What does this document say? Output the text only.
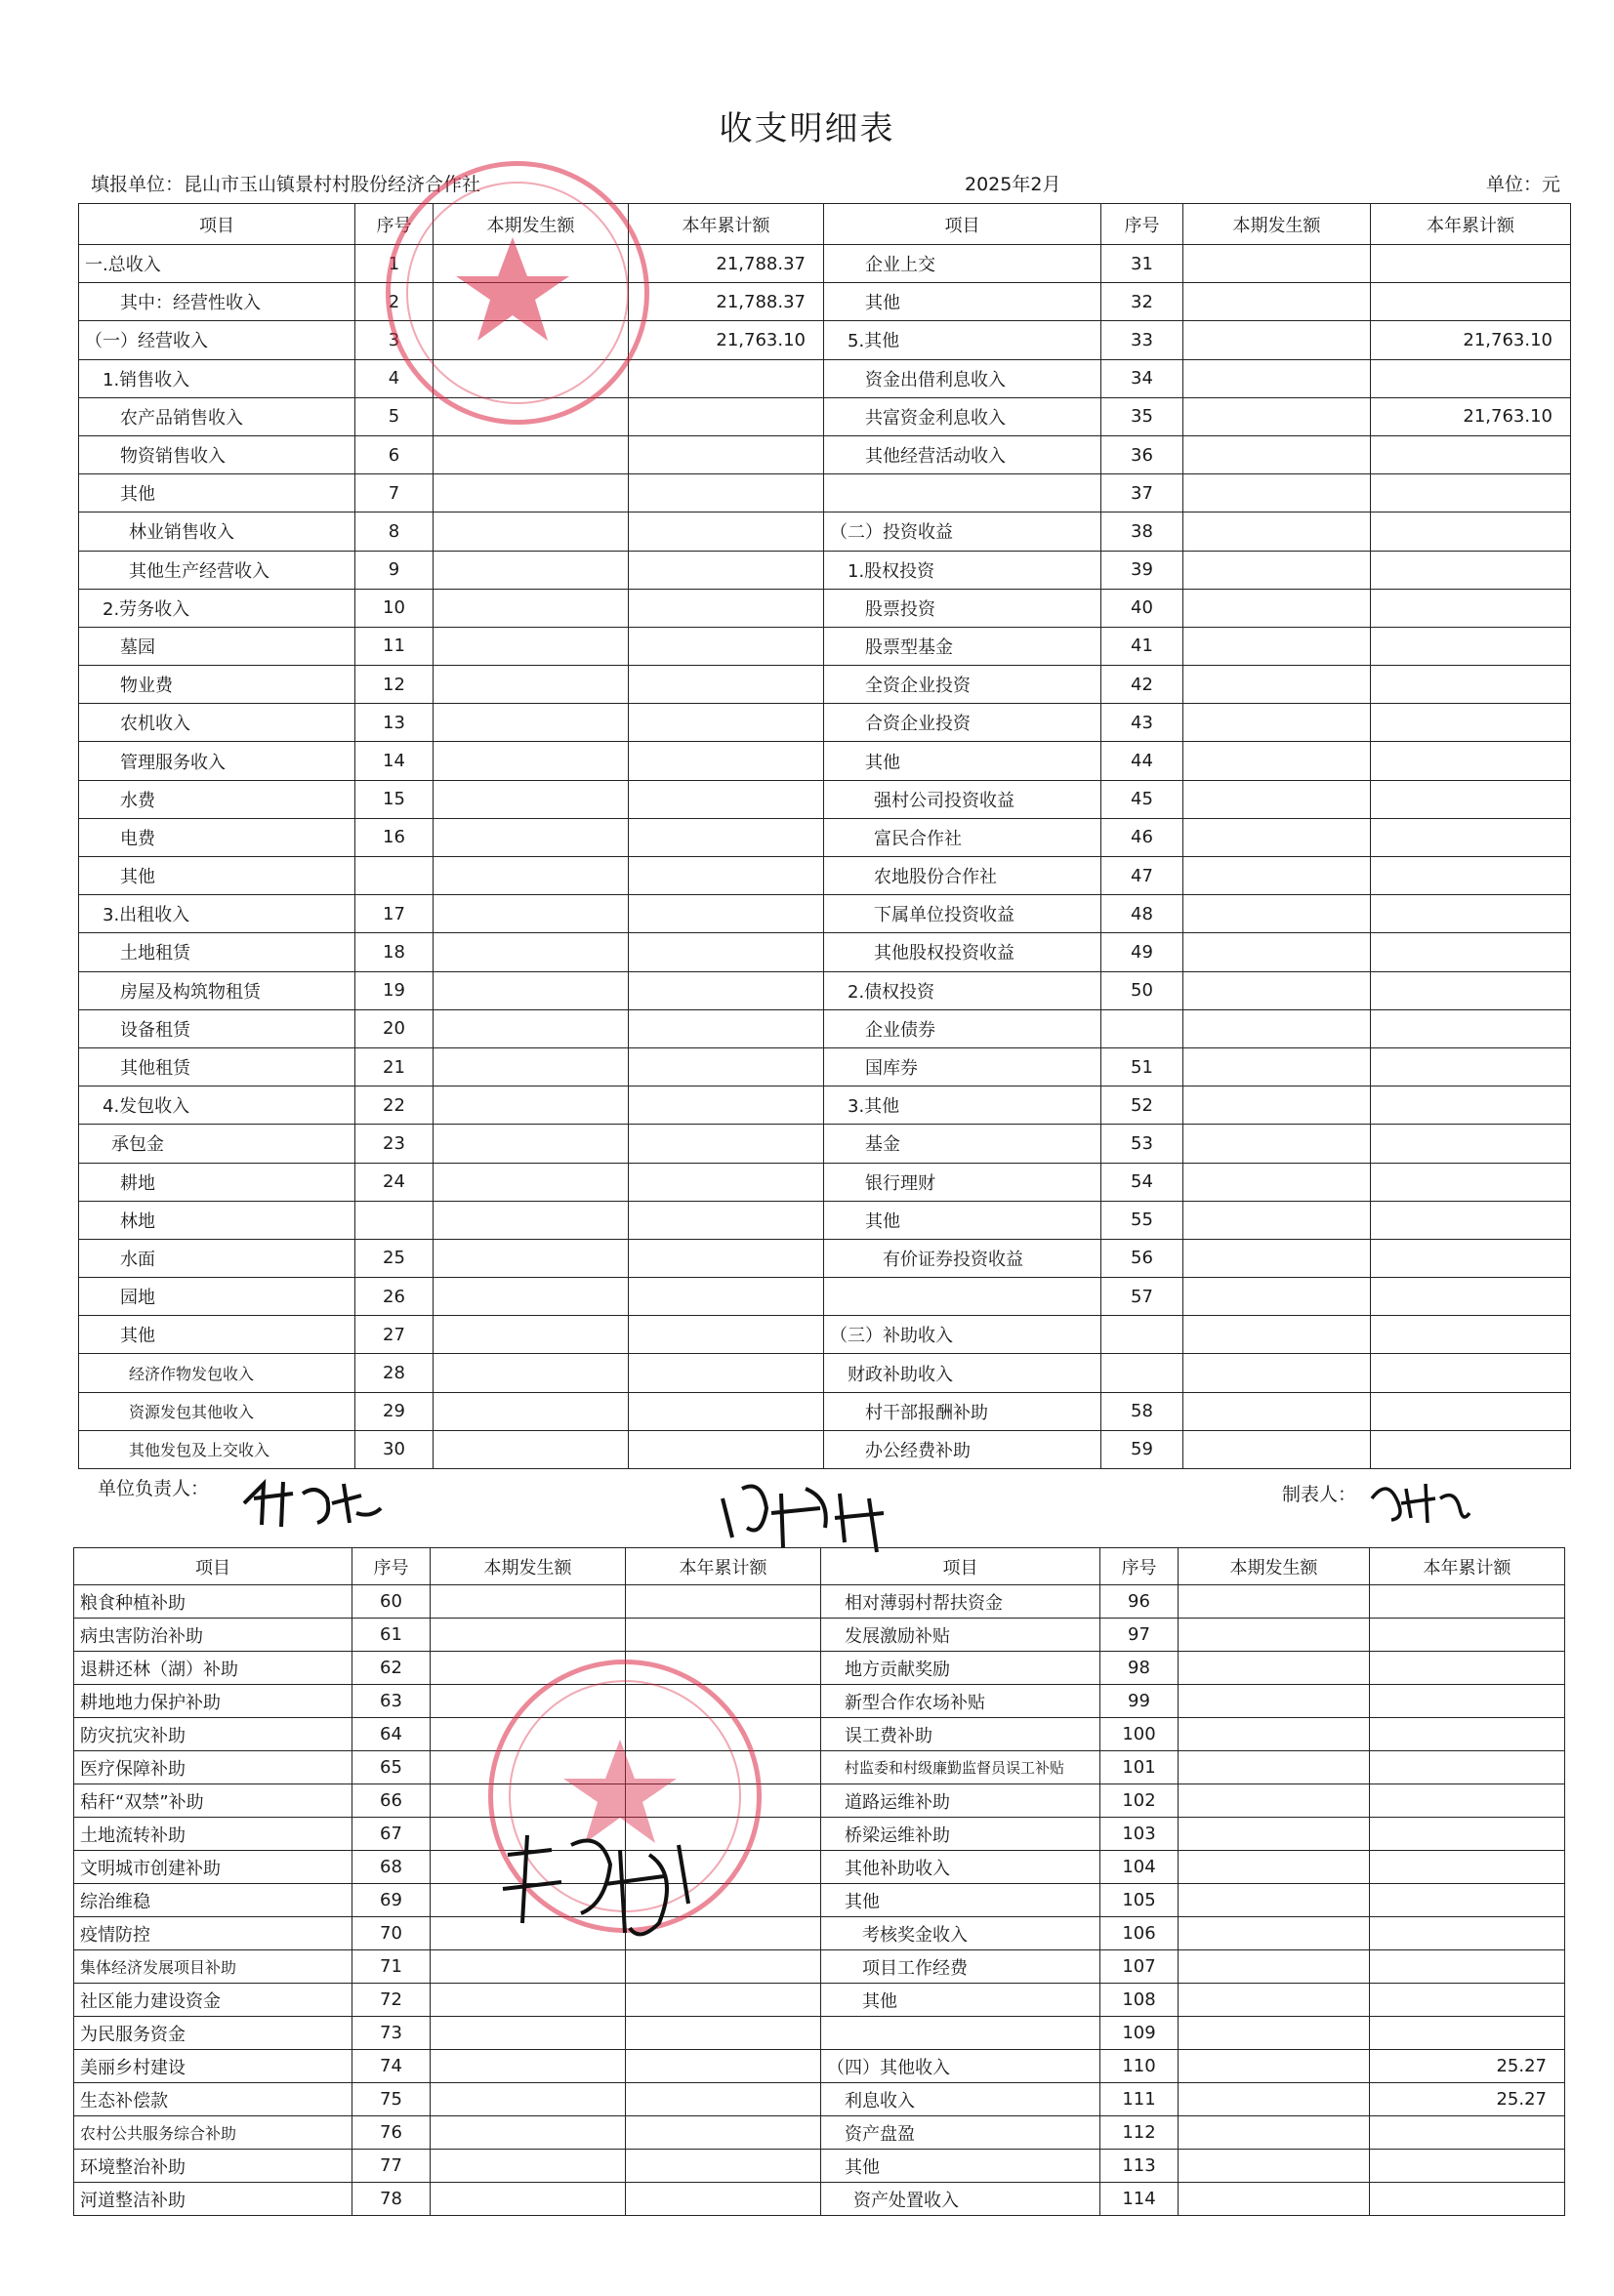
收支明细表
填报单位：昆山市玉山镇景村村股份经济合作社	2025年2月	单位：元
项目	序号	本期发生额	本年累计额	项目	序号	本期发生额	本年累计额
一.总收入	1		21,788.37	企业上交	31		
其中：经营性收入	2		21,788.37	其他	32		
（一）经营收入	3		21,763.10	5.其他	33		21,763.10
1.销售收入	4			资金出借利息收入	34		
农产品销售收入	5			共富资金利息收入	35		21,763.10
物资销售收入	6			其他经营活动收入	36		
其他	7				37		
林业销售收入	8			（二）投资收益	38		
其他生产经营收入	9			1.股权投资	39		
2.劳务收入	10			股票投资	40		
墓园	11			股票型基金	41		
物业费	12			全资企业投资	42		
农机收入	13			合资企业投资	43		
管理服务收入	14			其他	44		
水费	15			强村公司投资收益	45		
电费	16			富民合作社	46		
其他				农地股份合作社	47		
3.出租收入	17			下属单位投资收益	48		
土地租赁	18			其他股权投资收益	49		
房屋及构筑物租赁	19			2.债权投资	50		
设备租赁	20			企业债券			
其他租赁	21			国库券	51		
4.发包收入	22			3.其他	52		
承包金	23			基金	53		
耕地	24			银行理财	54		
林地				其他	55		
水面	25			有价证券投资收益	56		
园地	26				57		
其他	27			（三）补助收入			
经济作物发包收入	28			财政补助收入			
资源发包其他收入	29			村干部报酬补助	58		
其他发包及上交收入	30			办公经费补助	59		
单位负责人：	制表人：
项目	序号	本期发生额	本年累计额	项目	序号	本期发生额	本年累计额
粮食种植补助	60			相对薄弱村帮扶资金	96		
病虫害防治补助	61			发展激励补贴	97		
退耕还林（湖）补助	62			地方贡献奖励	98		
耕地地力保护补助	63			新型合作农场补贴	99		
防灾抗灾补助	64			误工费补助	100		
医疗保障补助	65			村监委和村级廉勤监督员误工补贴	101		
秸秆“双禁”补助	66			道路运维补助	102		
土地流转补助	67			桥梁运维补助	103		
文明城市创建补助	68			其他补助收入	104		
综治维稳	69			其他	105		
疫情防控	70			考核奖金收入	106		
集体经济发展项目补助	71			项目工作经费	107		
社区能力建设资金	72			其他	108		
为民服务资金	73				109		
美丽乡村建设	74			（四）其他收入	110		25.27
生态补偿款	75			利息收入	111		25.27
农村公共服务综合补助	76			资产盘盈	112		
环境整治补助	77			其他	113		
河道整洁补助	78			资产处置收入	114		
